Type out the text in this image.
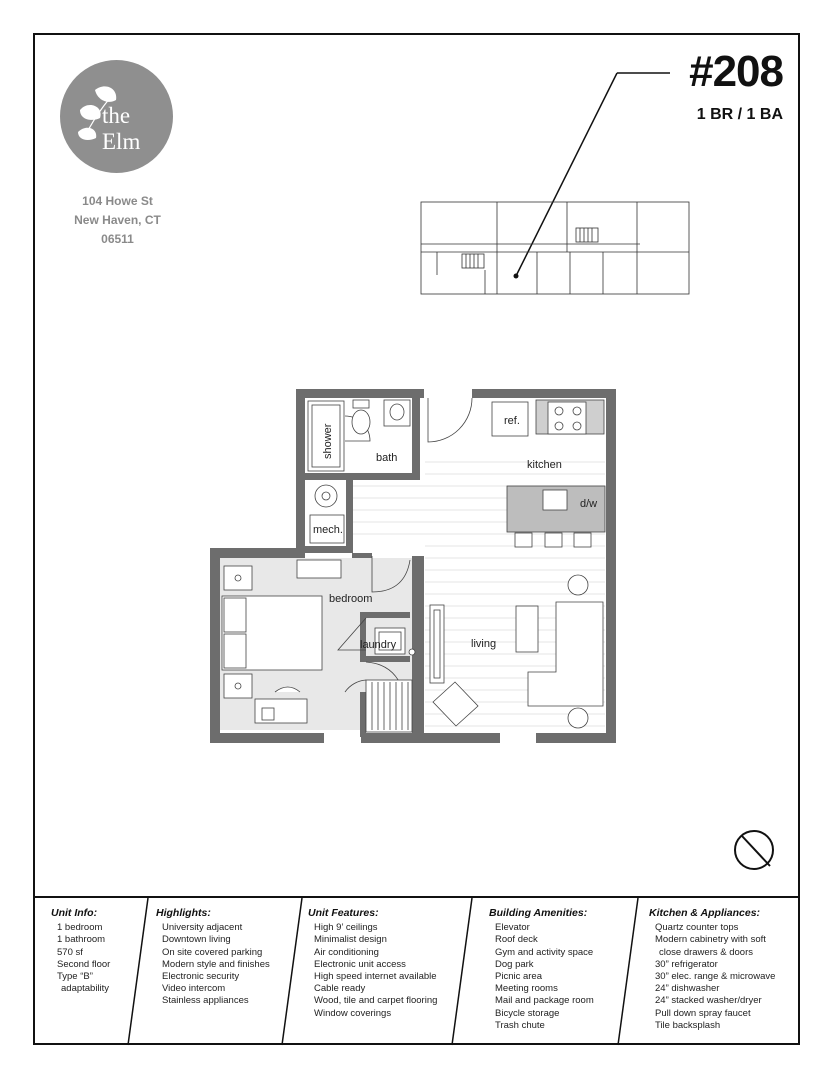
the Elm
104 Howe St
New Haven, CT
06511
#208
1 BR / 1 BA
shower	bath
ref.
kitchen
d/w
mech.
bedroom
laundry	living
Unit Info:
1 bedroom
1 bathroom
570 sf
Second floor
Type “B”
adaptability
Highlights:
University adjacent
Downtown living
On site covered parking
Modern style and finishes
Electronic security
Video intercom
Stainless appliances
Unit Features:
High 9’ ceilings
Minimalist design
Air conditioning
Electronic unit access
High speed internet available
Cable ready
Wood, tile and carpet flooring
Window coverings
Building Amenities:
Elevator
Roof deck
Gym and activity space
Dog park
Picnic area
Meeting rooms
Mail and package room
Bicycle storage
Trash chute
Kitchen & Appliances:
Quartz counter tops
Modern cabinetry with soft
close drawers & doors
30” refrigerator
30” elec. range & microwave
24” dishwasher
24” stacked washer/dryer
Pull down spray faucet
Tile backsplash
